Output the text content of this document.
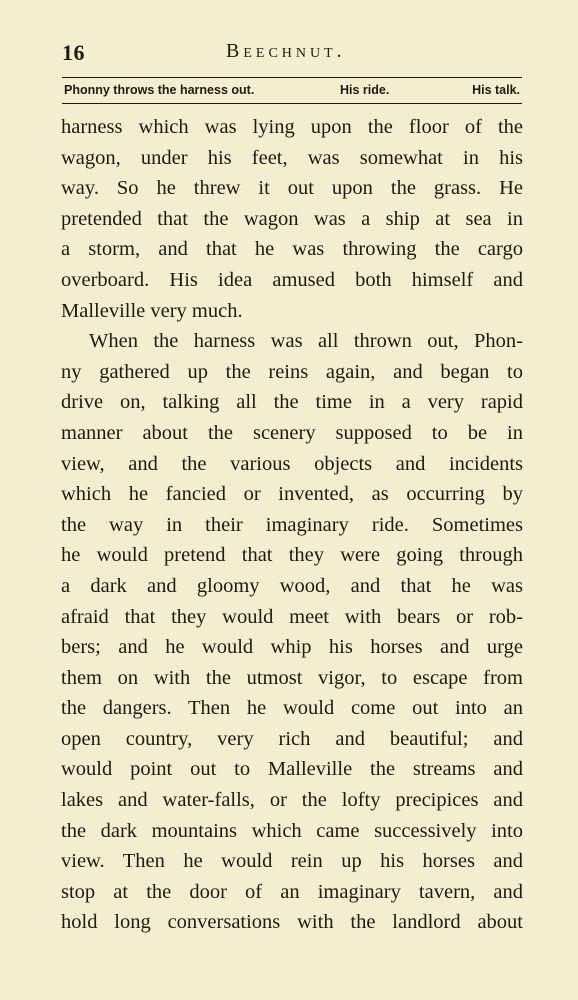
16	Beechnut.
Phonny throws the harness out.	His ride.	His talk.
harness which was lying upon the floor of the
wagon, under his feet, was somewhat in his
way. So he threw it out upon the grass. He
pretended that the wagon was a ship at sea in
a storm, and that he was throwing the cargo
overboard. His idea amused both himself and
Malleville very much.
When the harness was all thrown out, Phon-
ny gathered up the reins again, and began to
drive on, talking all the time in a very rapid
manner about the scenery supposed to be in
view, and the various objects and incidents
which he fancied or invented, as occurring by
the way in their imaginary ride. Sometimes
he would pretend that they were going through
a dark and gloomy wood, and that he was
afraid that they would meet with bears or rob-
bers; and he would whip his horses and urge
them on with the utmost vigor, to escape from
the dangers. Then he would come out into an
open country, very rich and beautiful; and
would point out to Malleville the streams and
lakes and water-falls, or the lofty precipices and
the dark mountains which came successively into
view. Then he would rein up his horses and
stop at the door of an imaginary tavern, and
hold long conversations with the landlord about
